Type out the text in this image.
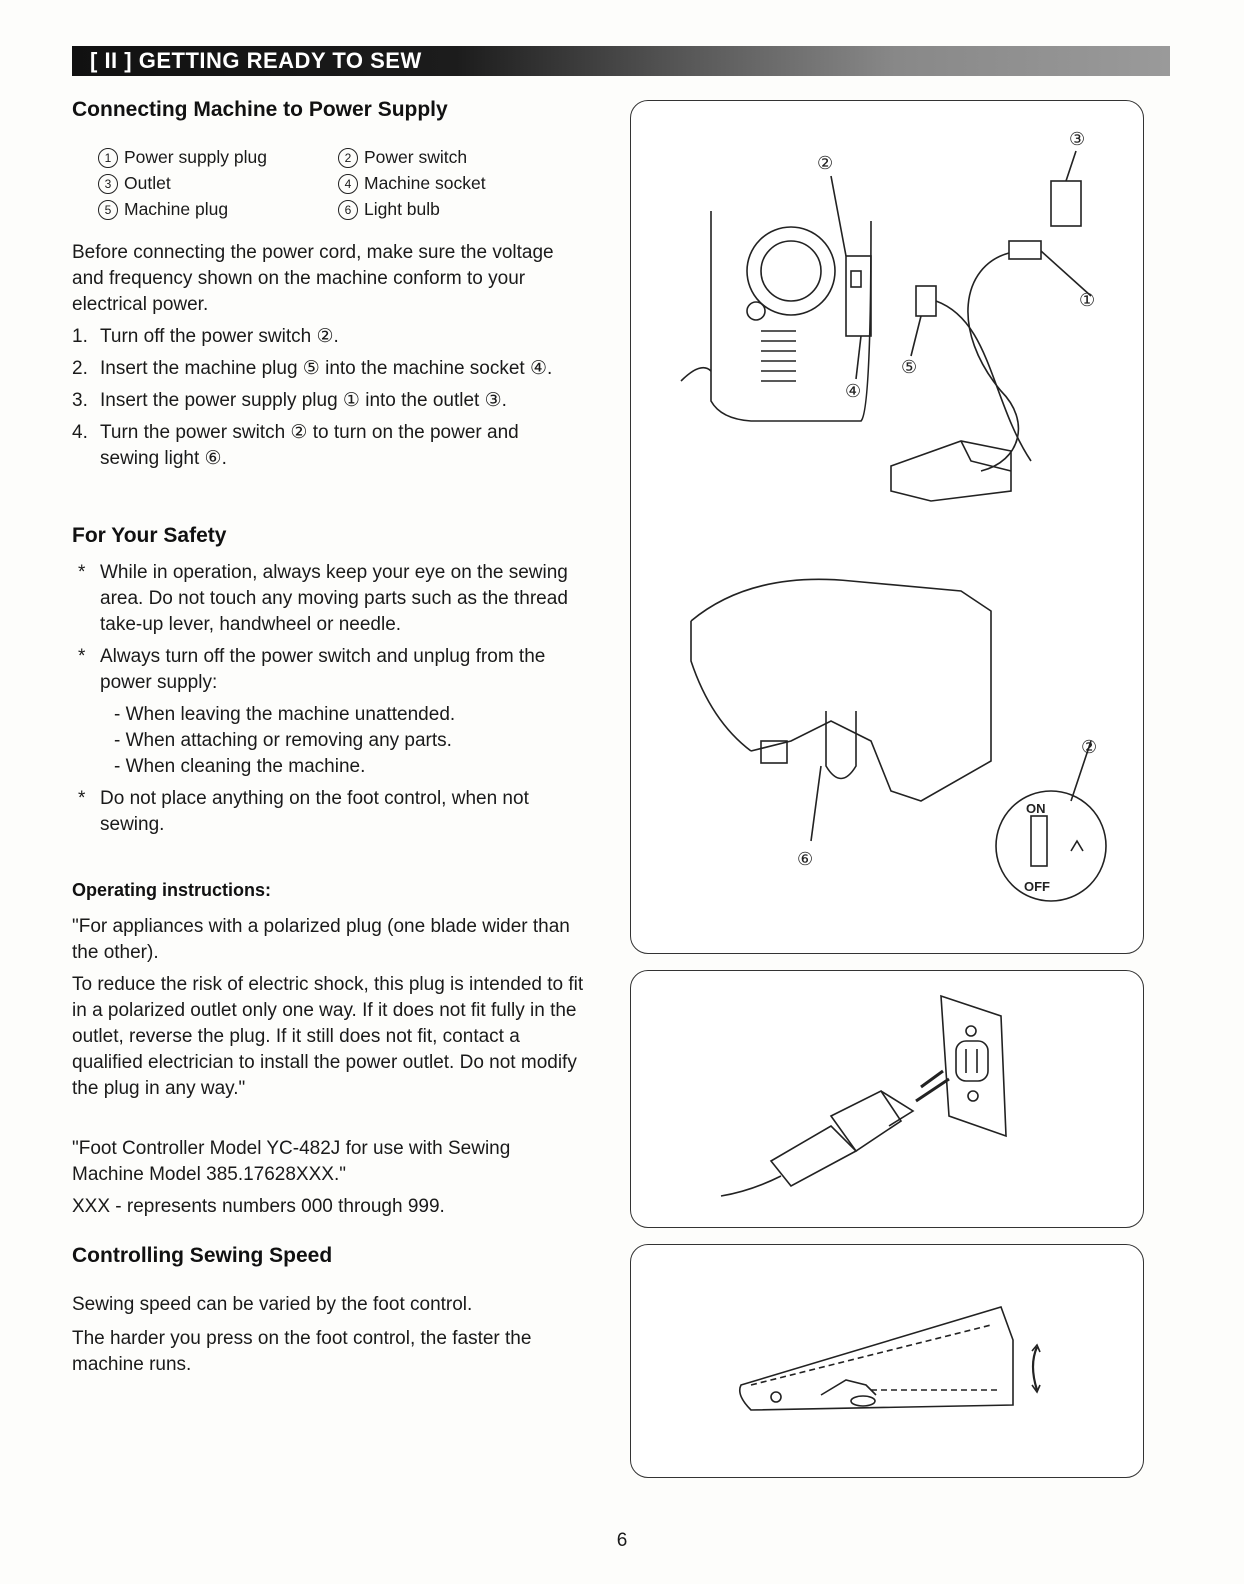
[ II ] GETTING READY TO SEW
Connecting Machine to Power Supply
1 Power supply plug	2 Power switch
3 Outlet	4 Machine socket
5 Machine plug	6 Light bulb

Before connecting the power cord, make sure the voltage and frequency shown on the machine conform to your electrical power.

1. Turn off the power switch ②.
2. Insert the machine plug ⑤ into the machine socket ④.
3. Insert the power supply plug ① into the outlet ③.
4. Turn the power switch ② to turn on the power and sewing light ⑥.
For Your Safety
* While in operation, always keep your eye on the sewing area. Do not touch any moving parts such as the thread take-up lever, handwheel or needle.
* Always turn off the power switch and unplug from the power supply:
- When leaving the machine unattended.
- When attaching or removing any parts.
- When cleaning the machine.
* Do not place anything on the foot control, when not sewing.
Operating instructions:

"For appliances with a polarized plug (one blade wider than the other).

To reduce the risk of electric shock, this plug is intended to fit in a polarized outlet only one way. If it does not fit fully in the outlet, reverse the plug. If it still does not fit, contact a qualified electrician to install the power outlet. Do not modify the plug in any way."

"Foot Controller Model YC-482J for use with Sewing Machine Model 385.17628XXX."

XXX - represents numbers 000 through 999.

Controlling Sewing Speed

Sewing speed can be varied by the foot control.

The harder you press on the foot control, the faster the machine runs.

②
③
①
⑤
④
⑥
②
ON
OFF
6
